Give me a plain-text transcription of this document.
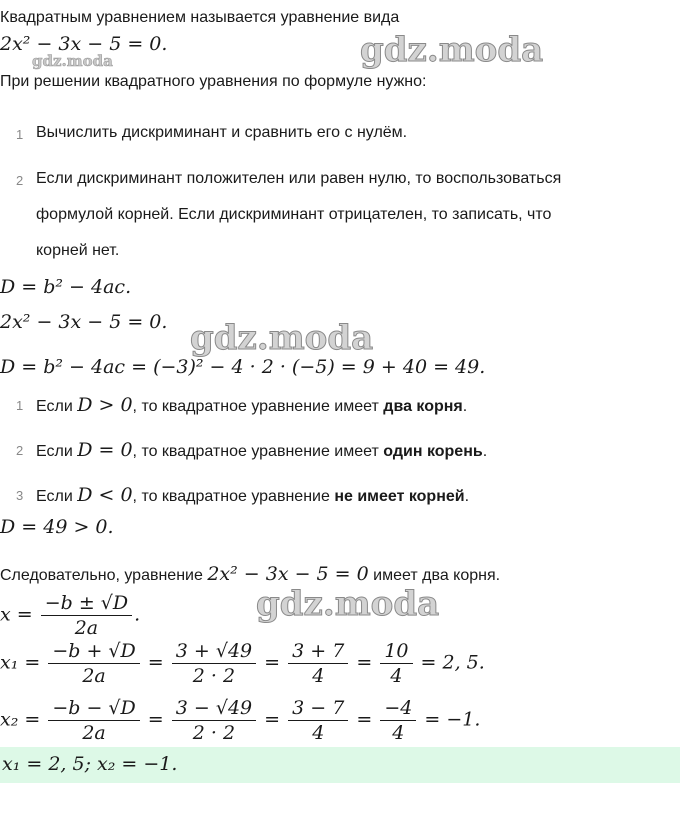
Квадратным уравнением называется уравнение вида
2x² − 3x − 5 = 0.
gdz.moda	gdz.moda
При решении квадратного уравнения по формуле нужно:
1 Вычислить дискриминант и сравнить его с нулём.
2 Если дискриминант положителен или равен нулю, то воспользоваться
формулой корней. Если дискриминант отрицателен, то записать, что
корней нет.
D = b² − 4ac.
2x² − 3x − 5 = 0. gdz.moda
D = b² − 4ac = (−3)² − 4 · 2 · (−5) = 9 + 40 = 49.
1 Если D > 0, то квадратное уравнение имеет два корня.
2 Если D = 0, то квадратное уравнение имеет один корень.
3 Если D < 0, то квадратное уравнение не имеет корней.
D = 49 > 0.
Следовательно, уравнение 2x² − 3x − 5 = 0 имеет два корня.
$x = \frac{-b \pm √D}{2a}$ .	gdz.moda
$x_1 = \frac{-b + √D}{2a} = \frac{3 + √49}{2 \cdot 2} = \frac{3 + 7}{4} = \frac{10}{4} = 2$, 5.
$x_2 = \frac{-b - √D}{2a} = \frac{3 - √49}{2 \cdot 2} = \frac{3 - 7}{4} = \frac{-4}{4} = -1$.
x₁ = 2, 5; x₂ = −1.
